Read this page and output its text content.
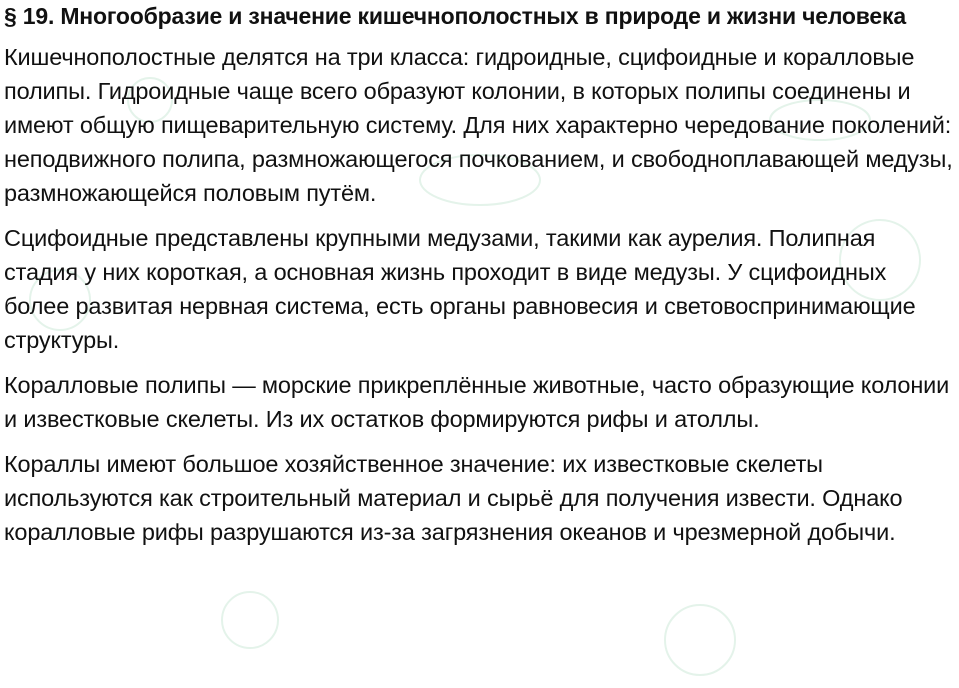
§ 19. Многообразие и значение кишечнополостных в природе и жизни человека

Кишечнополостные делятся на три класса: гидроидные, сцифоидные и коралловые полипы. Гидроидные чаще всего образуют колонии, в которых полипы соединены и имеют общую пищеварительную систему. Для них характерно чередование поколений: неподвижного полипа, размножающегося почкованием, и свободноплавающей медузы, размножающейся половым путём.

Сцифоидные представлены крупными медузами, такими как аурелия. Полипная стадия у них короткая, а основная жизнь проходит в виде медузы. У сцифоидных более развитая нервная система, есть органы равновесия и световоспринимающие структуры.

Коралловые полипы — морские прикреплённые животные, часто образующие колонии и известковые скелеты. Из их остатков формируются рифы и атоллы.

Кораллы имеют большое хозяйственное значение: их известковые скелеты используются как строительный материал и сырьё для получения извести. Однако коралловые рифы разрушаются из-за загрязнения океанов и чрезмерной добычи.
